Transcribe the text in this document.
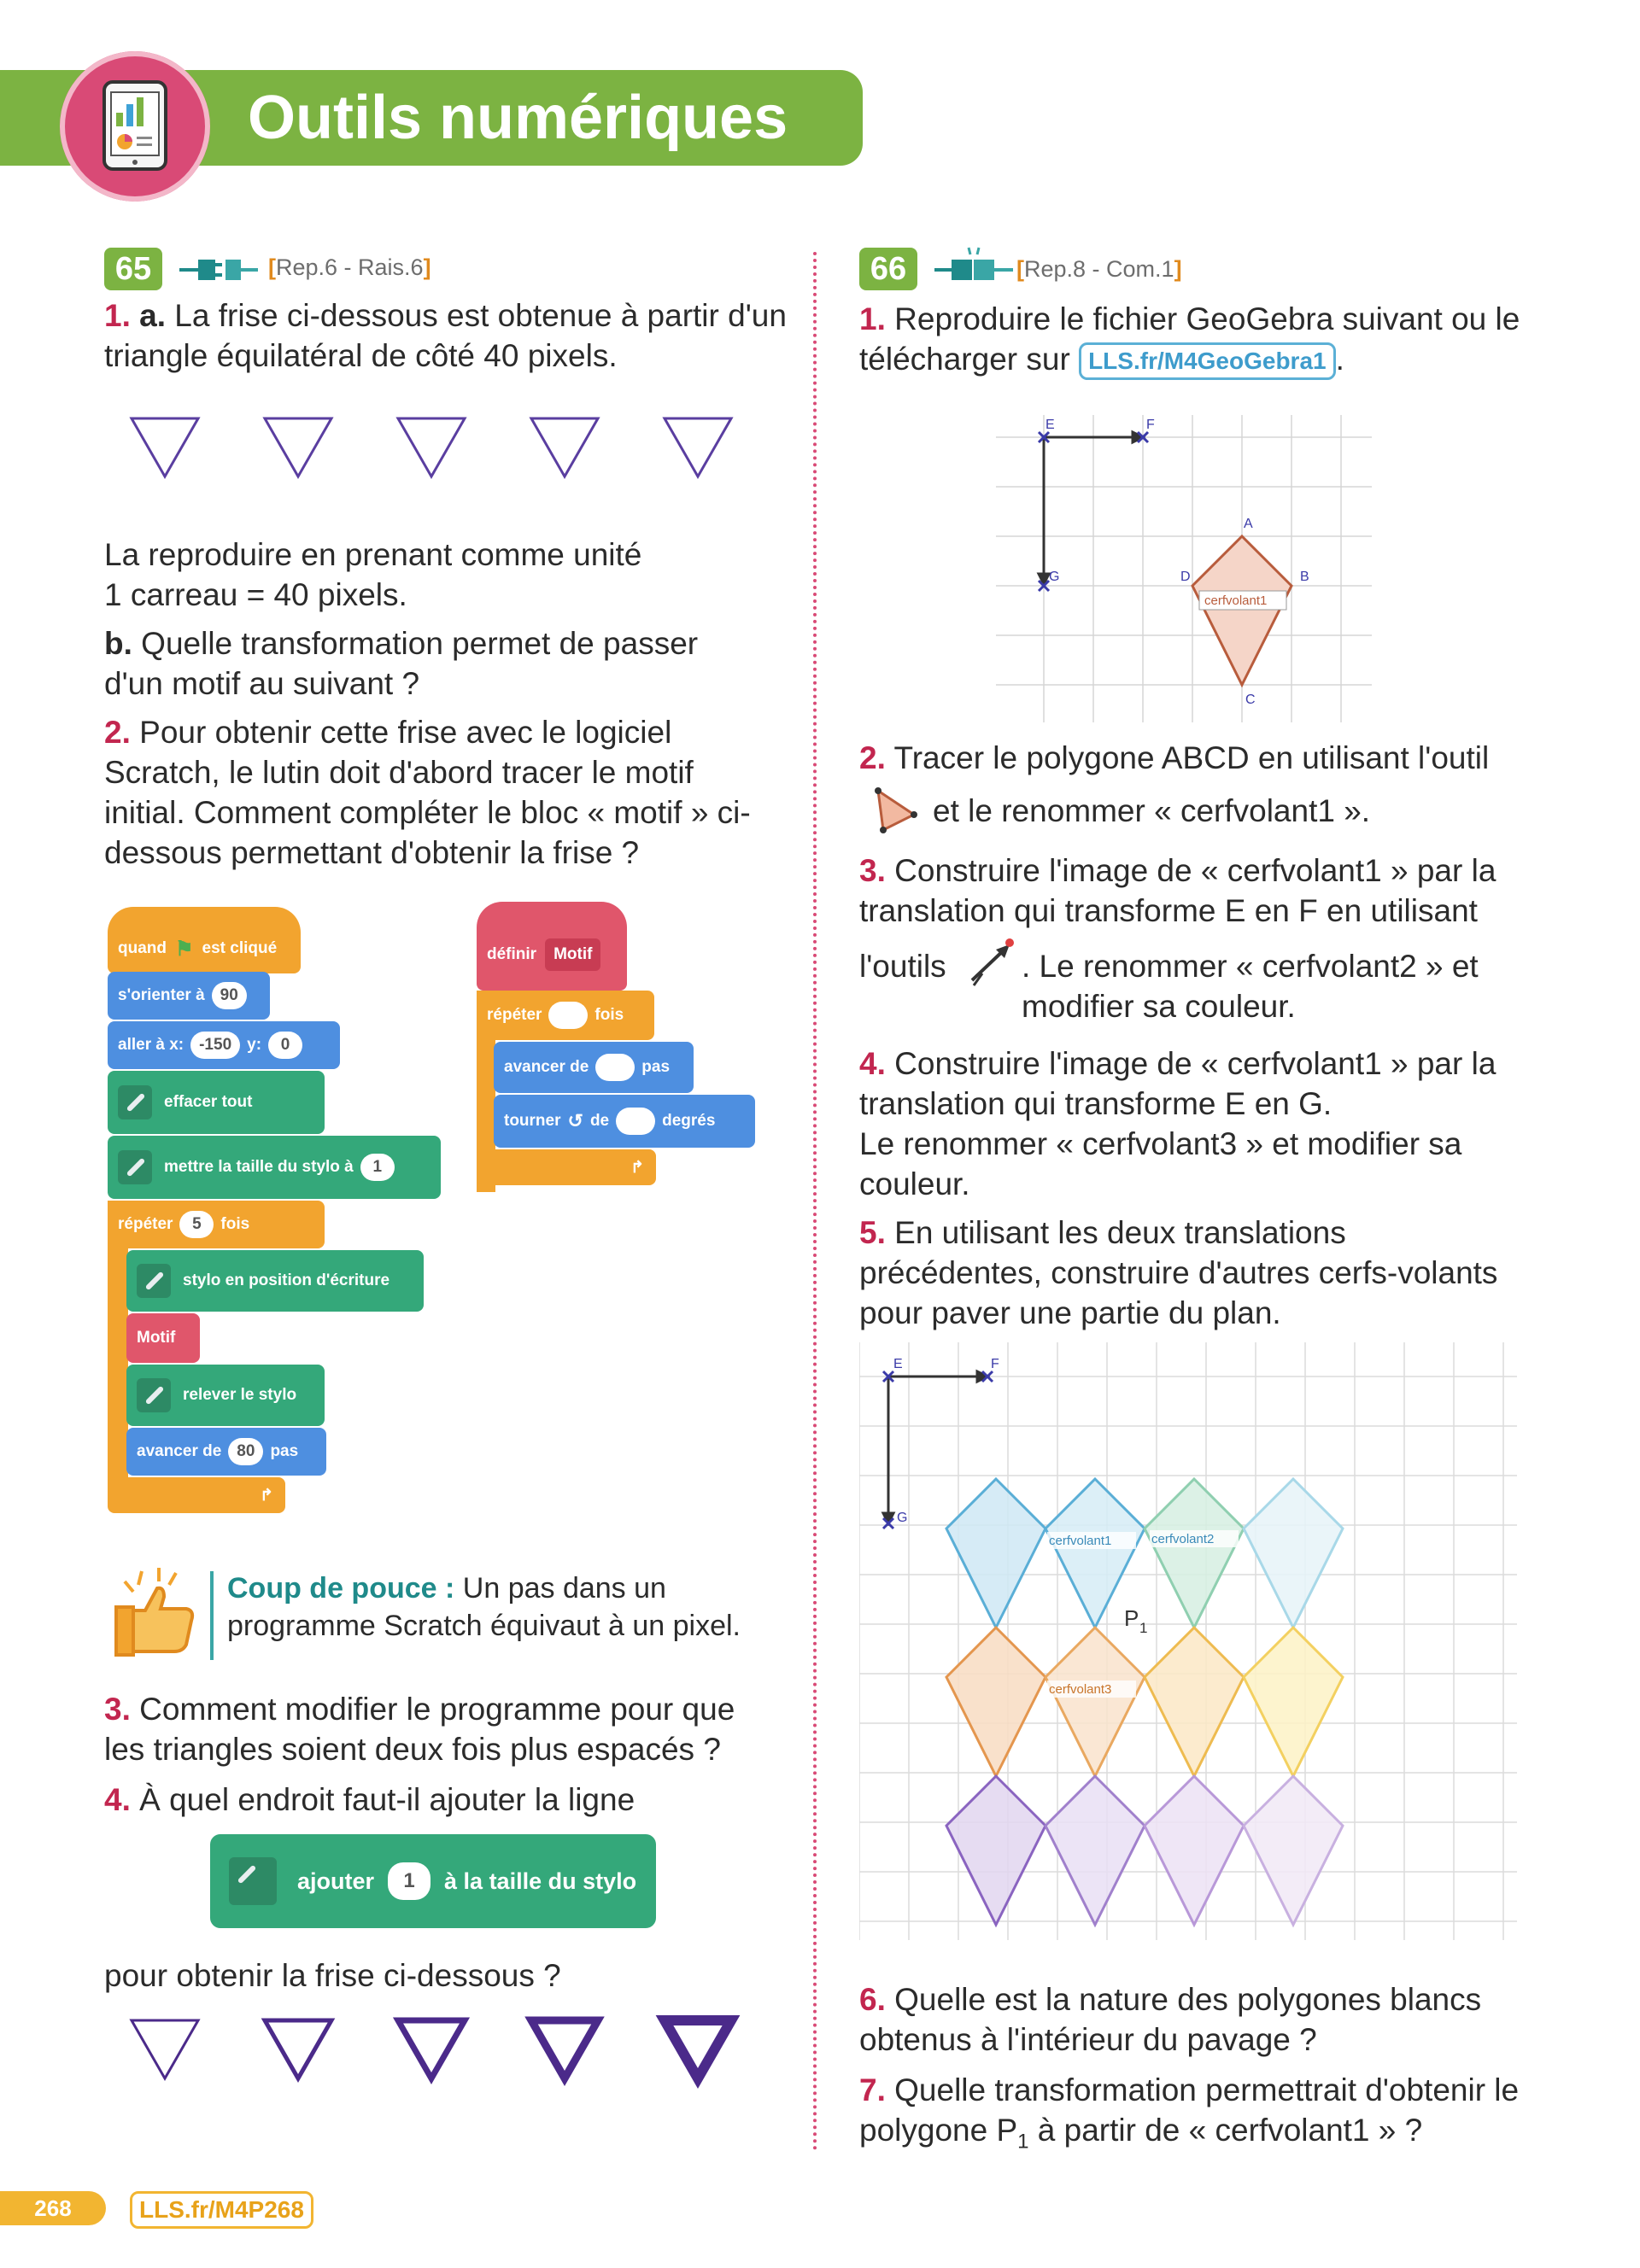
Outils numériques
65	[Rep.6 - Rais.6]
1. a. La frise ci-dessous est obtenue à partir d'un triangle équilatéral de côté 40 pixels.
La reproduire en prenant comme unité 1 carreau = 40 pixels.
b. Quelle transformation permet de passer d'un motif au suivant ?
2. Pour obtenir cette frise avec le logiciel Scratch, le lutin doit d'abord tracer le motif initial. Comment compléter le bloc « motif » ci-dessous permettant d'obtenir la frise ?
quand ⚑ est cliqué
s'orienter à 90
aller à x: -150 y:	0
effacer tout
mettre la taille du stylo à	1
répéter	5	fois
stylo en position d'écriture
Motif
relever le stylo
avancer de 80 pas
↱
définir	Motif
répéter	fois
avancer de	pas
tourner ↺ de	degrés
↱
Coup de pouce : Un pas dans un programme Scratch équivaut à un pixel.
3. Comment modifier le programme pour que les triangles soient deux fois plus espacés ?
4. À quel endroit faut-il ajouter la ligne
ajouter	1	à la taille du stylo
pour obtenir la frise ci-dessous ?
66	[Rep.8 - Com.1]
1. Reproduire le fichier GeoGebra suivant ou le télécharger sur LLS.fr/M4GeoGebra1 .
E	F
G
A
B
C
D
cerfvolant1
2. Tracer le polygone ABCD en utilisant l'outil
et le renommer « cerfvolant1 ».
3. Construire l'image de « cerfvolant1 » par la translation qui transforme E en F en utilisant
l'outils . Le renommer « cerfvolant2 » et modifier sa couleur.
4. Construire l'image de « cerfvolant1 » par la translation qui transforme E en G.
Le renommer « cerfvolant3 » et modifier sa couleur.
5. En utilisant les deux translations précédentes, construire d'autres cerfs-volants pour paver une partie du plan.
E	F
G
cerfvolant1	cerfvolant2
cerfvolant3
P 1
6. Quelle est la nature des polygones blancs obtenus à l'intérieur du pavage ?
7. Quelle transformation permettrait d'obtenir le polygone $P_1$ à partir de « cerfvolant1 » ?
268	LLS.fr/M4P268
